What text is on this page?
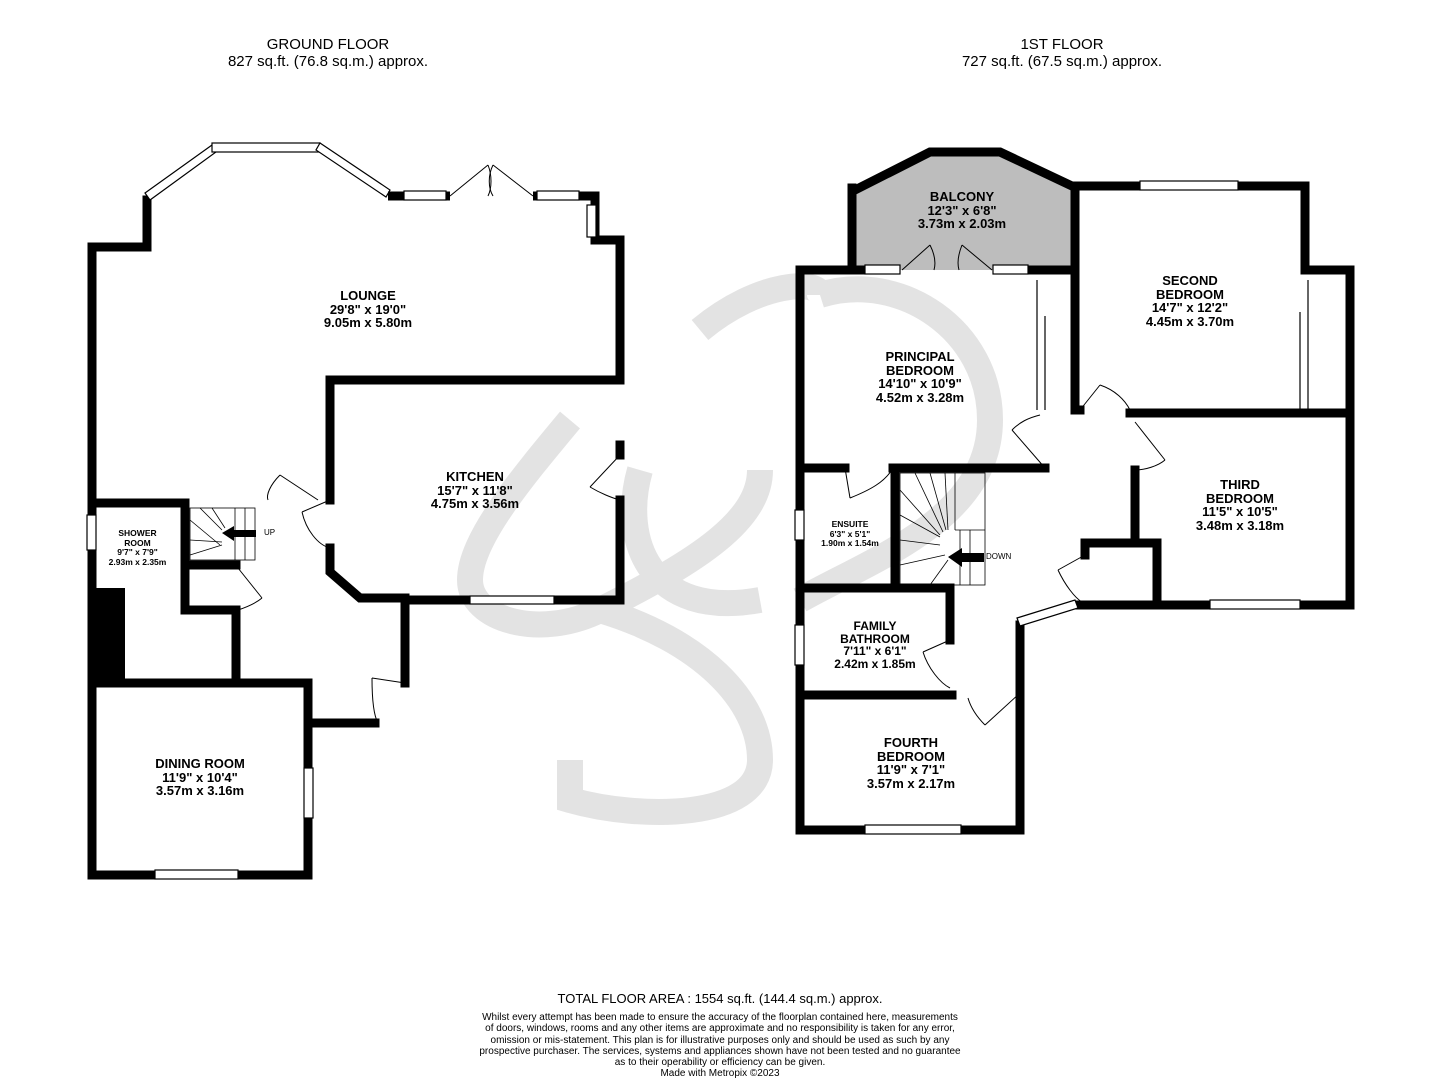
GROUND FLOOR
827 sq.ft. (76.8 sq.m.) approx.
1ST FLOOR
727 sq.ft. (67.5 sq.m.) approx.
LOUNGE
29'8" x 19'0"
9.05m x 5.80m
KITCHEN
15'7" x 11'8"
4.75m x 3.56m
SHOWER
ROOM
9'7" x 7'9"
2.93m x 2.35m
DINING ROOM
11'9" x 10'4"
3.57m x 3.16m
UP
BALCONY
12'3" x 6'8"
3.73m x 2.03m
PRINCIPAL
BEDROOM
14'10" x 10'9"
4.52m x 3.28m
SECOND
BEDROOM
14'7" x 12'2"
4.45m x 3.70m
THIRD
BEDROOM
11'5" x 10'5"
3.48m x 3.18m
ENSUITE
6'3" x 5'1"
1.90m x 1.54m
FAMILY
BATHROOM
7'11" x 6'1"
2.42m x 1.85m
FOURTH
BEDROOM
11'9" x 7'1"
3.57m x 2.17m
DOWN
TOTAL FLOOR AREA : 1554 sq.ft. (144.4 sq.m.) approx.
Whilst every attempt has been made to ensure the accuracy of the floorplan contained here, measurements
of doors, windows, rooms and any other items are approximate and no responsibility is taken for any error,
omission or mis-statement. This plan is for illustrative purposes only and should be used as such by any
prospective purchaser. The services, systems and appliances shown have not been tested and no guarantee
as to their operability or efficiency can be given.
Made with Metropix ©2023
